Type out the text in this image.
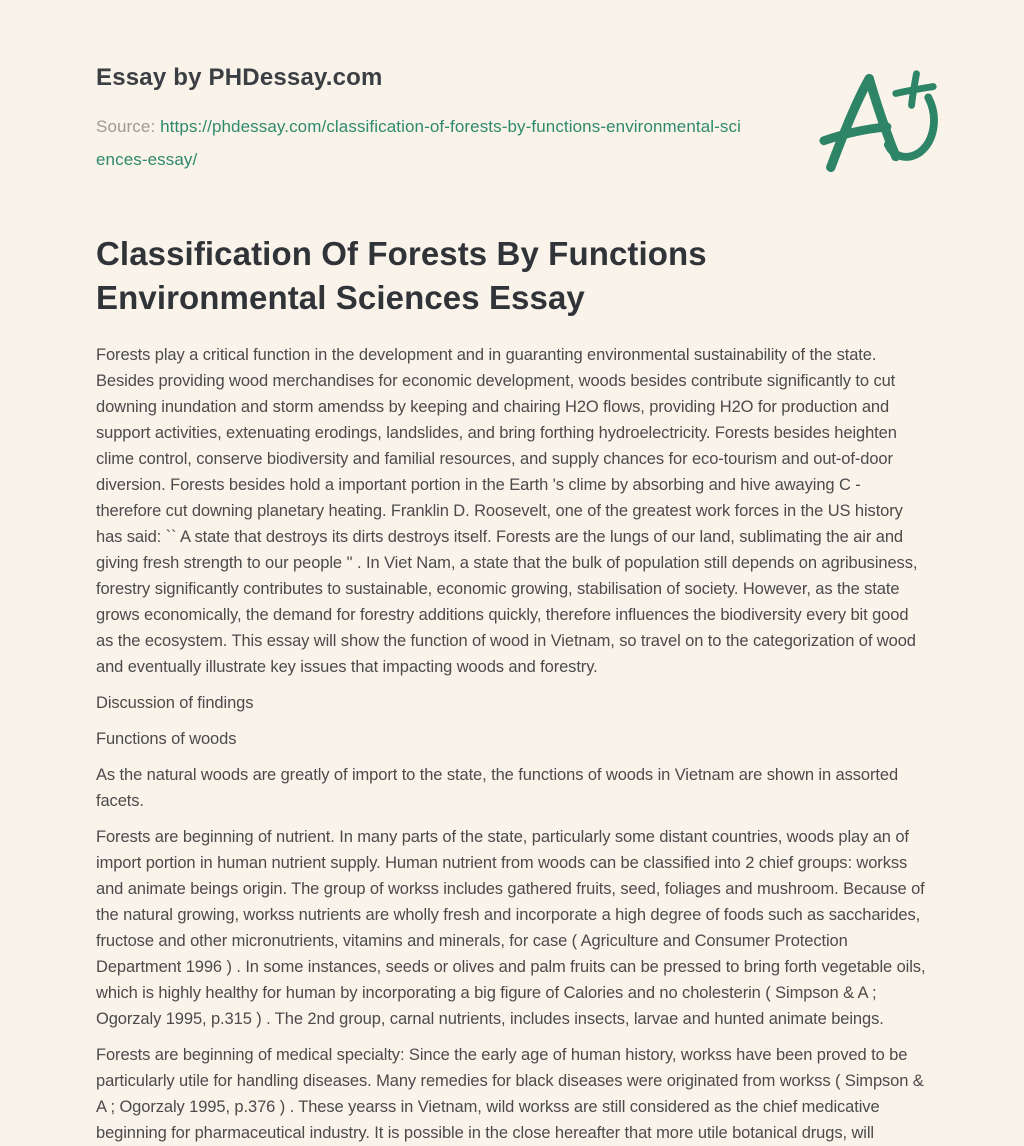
Essay by PHDessay.com
Source: https://phdessay.com/classification-of-forests-by-functions-environmental-sciences-essay/
Classification Of Forests By Functions Environmental Sciences Essay

Forests play a critical function in the development and in guaranting environmental sustainability of the state. Besides providing wood merchandises for economic development, woods besides contribute significantly to cut downing inundation and storm amendss by keeping and chairing H2O flows, providing H2O for production and support activities, extenuating erodings, landslides, and bring forthing hydroelectricity. Forests besides heighten clime control, conserve biodiversity and familial resources, and supply chances for eco-tourism and out-of-door diversion. Forests besides hold a important portion in the Earth 's clime by absorbing and hive awaying C - therefore cut downing planetary heating. Franklin D. Roosevelt, one of the greatest work forces in the US history has said: `` A state that destroys its dirts destroys itself. Forests are the lungs of our land, sublimating the air and giving fresh strength to our people '' . In Viet Nam, a state that the bulk of population still depends on agribusiness, forestry significantly contributes to sustainable, economic growing, stabilisation of society. However, as the state grows economically, the demand for forestry additions quickly, therefore influences the biodiversity every bit good as the ecosystem. This essay will show the function of wood in Vietnam, so travel on to the categorization of wood and eventually illustrate key issues that impacting woods and forestry.

Discussion of findings

Functions of woods

As the natural woods are greatly of import to the state, the functions of woods in Vietnam are shown in assorted facets.

Forests are beginning of nutrient. In many parts of the state, particularly some distant countries, woods play an of import portion in human nutrient supply. Human nutrient from woods can be classified into 2 chief groups: workss and animate beings origin. The group of workss includes gathered fruits, seed, foliages and mushroom. Because of the natural growing, workss nutrients are wholly fresh and incorporate a high degree of foods such as saccharides, fructose and other micronutrients, vitamins and minerals, for case ( Agriculture and Consumer Protection Department 1996 ) . In some instances, seeds or olives and palm fruits can be pressed to bring forth vegetable oils, which is highly healthy for human by incorporating a big figure of Calories and no cholesterin ( Simpson & A ; Ogorzaly 1995, p.315 ) . The 2nd group, carnal nutrients, includes insects, larvae and hunted animate beings.

Forests are beginning of medical specialty: Since the early age of human history, workss have been proved to be particularly utile for handling diseases. Many remedies for black diseases were originated from workss ( Simpson & A ; Ogorzaly 1995, p.376 ) . These yearss in Vietnam, wild workss are still considered as the chief medicative beginning for pharmaceutical industry. It is possible in the close hereafter that more utile botanical drugs, will
